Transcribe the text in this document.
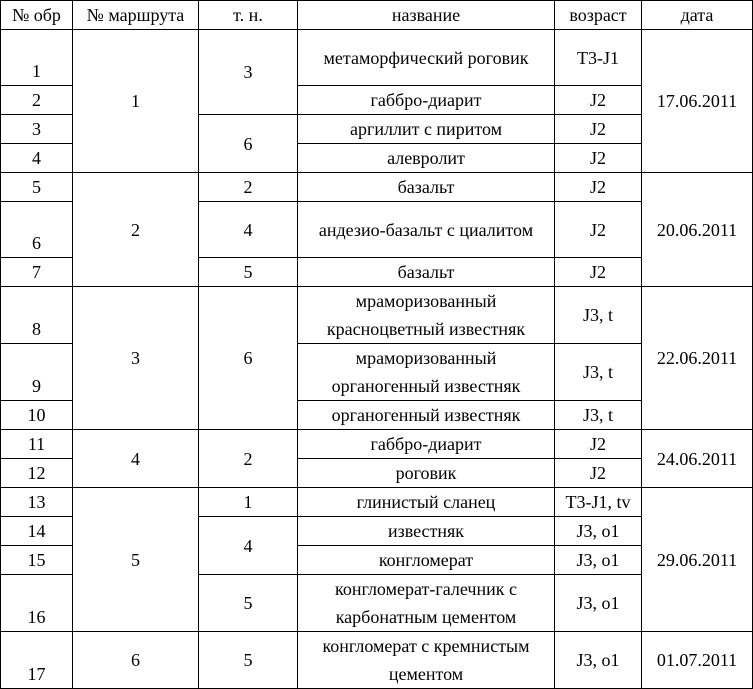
№ обр	№ маршрута	т. н.	название	возраст	дата
1	1	3	метаморфический роговик	T3-J1	17.06.2011
2			габбро-диарит	J2	
3		6	аргиллит с пиритом	J2	
4			алевролит	J2	
5	2	2	базальт	J2	20.06.2011
6		4	андезио-базальт с циалитом	J2	
7		5	базальт	J2	
8	3	6	мраморизованный красноцветный известняк	J3, t	22.06.2011
9			мраморизованный органогенный известняк	J3, t	
10			органогенный известняк	J3, t	
11	4	2	габбро-диарит	J2	24.06.2011
12			роговик	J2	
13	5	1	глинистый сланец	T3-J1, tv	29.06.2011
14		4	известняк	J3, o1	
15			конгломерат	J3, o1	
16		5	конгломерат-галечник с карбонатным цементом	J3, o1	
17	6	5	конгломерат с кремнистым цементом	J3, o1	01.07.2011
